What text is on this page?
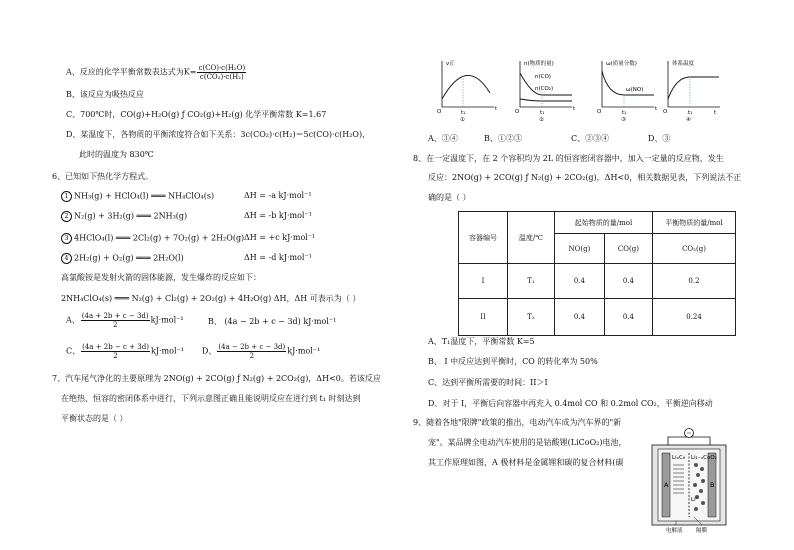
A、反应的化学平衡常数表达式为$K= \frac{\text{c(CO)·c(H₂O)}}{\text{c(CO₂)·c(H₂)}}$
B、该反应为吸热反应
C、700℃时，CO(g)+H₂O(g) ƒ CO₂(g)+H₂(g) 化学平衡常数 K=1.67
D、某温度下，各物质的平衡浓度符合如下关系：3c(CO₂)·c(H₂)＝5c(CO)·c(H₂O)，
此时的温度为 830℃
6、已知如下热化学方程式。
1 NH₃(g) + HClO₄(l) ═══ NH₄ClO₄(s)	ΔH = -a kJ·mol⁻¹
2 N₂(g) + 3H₂(g) ═══ 2NH₃(g)	ΔH = -b kJ·mol⁻¹
3 4HClO₄(l) ═══ 2Cl₂(g) + 7O₂(g) + 2H₂O(g) ΔH = +c kJ·mol⁻¹
4 2H₂(g) + O₂(g) ═══ 2H₂O(l)	ΔH = -d kJ·mol⁻¹
高氯酸铵是发射火箭的固体能源，发生爆炸的反应如下：
2NH₄ClO₄(s) ═══ N₂(g) + Cl₂(g) + 2O₂(g) + 4H₂O(g) ΔH，ΔH 可表示为（ ）
A、 $\frac{(4a + 2b + c - 3d)}{2} kJ\cdot mol^{-1}$	B、 (4a − 2b + c − 3d) kJ·mol⁻¹
C、 $\frac{(4a + 2b - c + 3d)}{2} kJ\cdot mol^{-1}$ D、 $\frac{(4a - 2b + c - 3d)}{2} kJ\cdot mol^{-1}$
7、汽车尾气净化的主要原理为 2NO(g) + 2CO(g) ƒ N₂(g) + 2CO₂(g)，ΔH<0。若该反应
在绝热、恒容的密闭体系中进行，下列示意图正确且能说明反应在进行到 t₁ 时刻达到
平衡状态的是（ ）
v正
O	t₁
t
①
n(物质的量)
n(CO)
n(CO₂)
O	t₁
t
②
ω(质量分数)
ω(NO)
O	t₁
t
③
体系温度
O	t₁	t
④
A、③④	B、①②③	C、②③④	D、③
8、在一定温度下，在 2 个容积均为 2L 的恒容密闭容器中，加入一定量的反应物，发生
反应：2NO(g) + 2CO(g) ƒ N₂(g) + 2CO₂(g)，ΔH<0，相关数据见表，下列说法不正
确的是（ ）
容器编号	温度/℃	起始物质的量/mol		平衡物质的量/mol
		NO(g)	CO(g)	CO₂(g)
I	T₁	0.4	0.4	0.2
II	T₂	0.4	0.4	0.24
A、T₁温度下，平衡常数 K=5
B、 I 中反应达到平衡时，CO 的转化率为 50%
C、达到平衡所需要的时间：II＞I
D、对于 I，平衡后向容器中再充入 0.4mol CO 和 0.2mol CO₂，平衡逆向移动
9、随着各地"限牌"政策的推出，电动汽车成为汽车界的"新
宠"。某品牌全电动汽车使用的是钴酸锂(LiCoO₂)电池，
其工作原理如图，A 极材料是金属锂和碳的复合材料(碳	LiₓC₆ Li₁₋ₓCoO₂
A	B
Li⁺
电解液 隔膜
